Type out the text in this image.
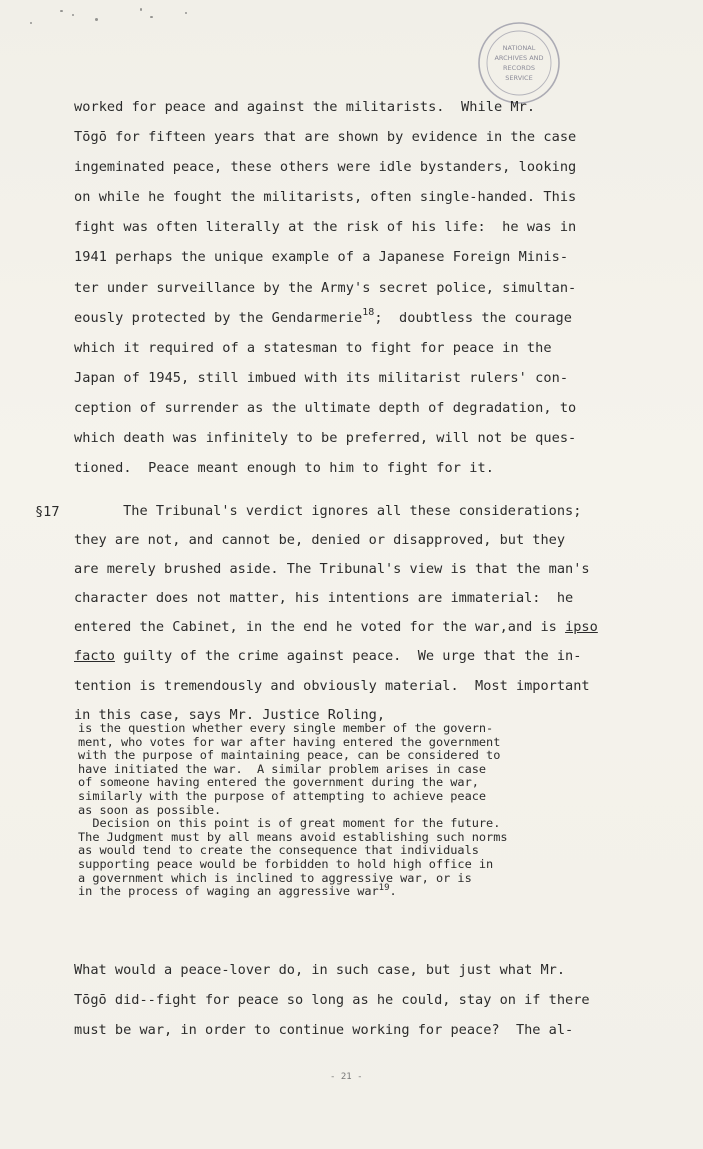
NATIONAL
ARCHIVES AND
RECORDS
SERVICE
worked for peace and against the militarists.  While Mr.
Tōgō for fifteen years that are shown by evidence in the case
ingeminated peace, these others were idle bystanders, looking
on while he fought the militarists, often single-handed. This
fight was often literally at the risk of his life:  he was in
1941 perhaps the unique example of a Japanese Foreign Minis-
ter under surveillance by the Army's secret police, simultan-
eously protected by the Gendarmerie$^{18}$;  doubtless the courage
which it required of a statesman to fight for peace in the
Japan of 1945, still imbued with its militarist rulers' con-
ception of surrender as the ultimate depth of degradation, to
which death was infinitely to be preferred, will not be ques-
tioned.  Peace meant enough to him to fight for it.
§17	The Tribunal's verdict ignores all these considerations;
they are not, and cannot be, denied or disapproved, but they
are merely brushed aside. The Tribunal's view is that the man's
character does not matter, his intentions are immaterial:  he
entered the Cabinet, in the end he voted for the war,and is ipso
facto guilty of the crime against peace.  We urge that the in-
tention is tremendously and obviously material.  Most important
in this case, says Mr. Justice Roling,
is the question whether every single member of the govern-
ment, who votes for war after having entered the government
with the purpose of maintaining peace, can be considered to
have initiated the war.  A similar problem arises in case
of someone having entered the government during the war,
similarly with the purpose of attempting to achieve peace
as soon as possible.
Decision on this point is of great moment for the future.
The Judgment must by all means avoid establishing such norms
as would tend to create the consequence that individuals
supporting peace would be forbidden to hold high office in
a government which is inclined to aggressive war, or is
in the process of waging an aggressive war$^{19}$.
What would a peace-lover do, in such case, but just what Mr.
Tōgō did--fight for peace so long as he could, stay on if there
must be war, in order to continue working for peace?  The al-
- 21 -
